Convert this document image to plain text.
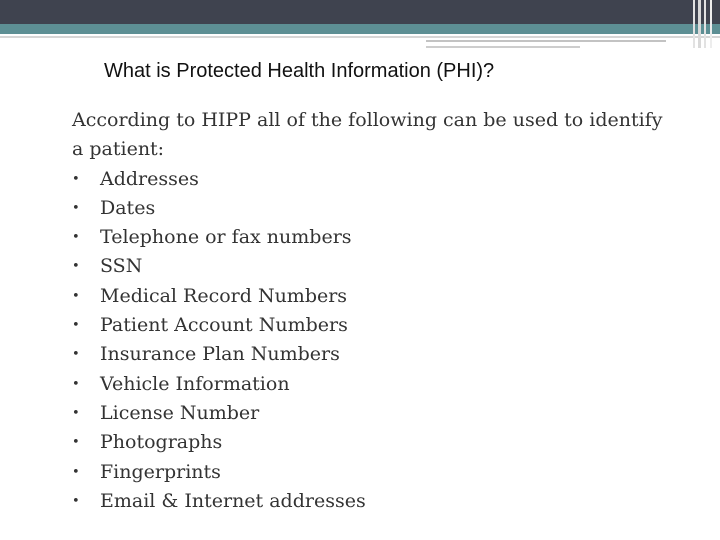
What is Protected Health Information (PHI)?

According to HIPP all of the following can be used to identify a patient:

• Addresses
• Dates
• Telephone or fax numbers
• SSN
• Medical Record Numbers
• Patient Account Numbers
• Insurance Plan Numbers
• Vehicle Information
• License Number
• Photographs
• Fingerprints
• Email & Internet addresses
